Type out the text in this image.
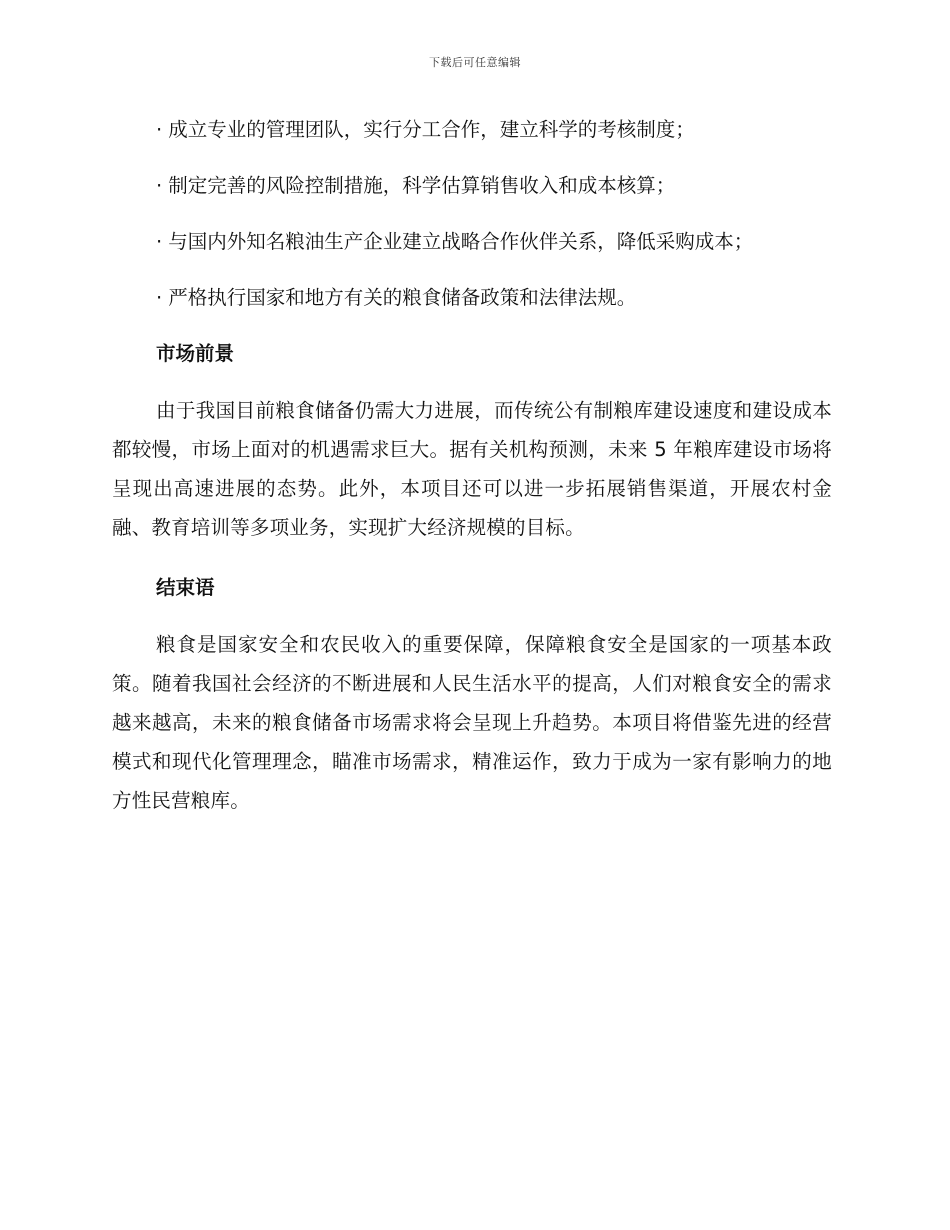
下载后可任意编辑
· 成立专业的管理团队，实行分工合作，建立科学的考核制度；
· 制定完善的风险控制措施，科学估算销售收入和成本核算；
· 与国内外知名粮油生产企业建立战略合作伙伴关系，降低采购成本；
· 严格执行国家和地方有关的粮食储备政策和法律法规。
市场前景

由于我国目前粮食储备仍需大力进展，而传统公有制粮库建设速度和建设成本都较慢，市场上面对的机遇需求巨大。据有关机构预测，未来 5 年粮库建设市场将呈现出高速进展的态势。此外，本项目还可以进一步拓展销售渠道，开展农村金融、教育培训等多项业务，实现扩大经济规模的目标。

结束语

粮食是国家安全和农民收入的重要保障，保障粮食安全是国家的一项基本政策。随着我国社会经济的不断进展和人民生活水平的提高，人们对粮食安全的需求越来越高，未来的粮食储备市场需求将会呈现上升趋势。本项目将借鉴先进的经营模式和现代化管理理念，瞄准市场需求，精准运作，致力于成为一家有影响力的地方性民营粮库。
